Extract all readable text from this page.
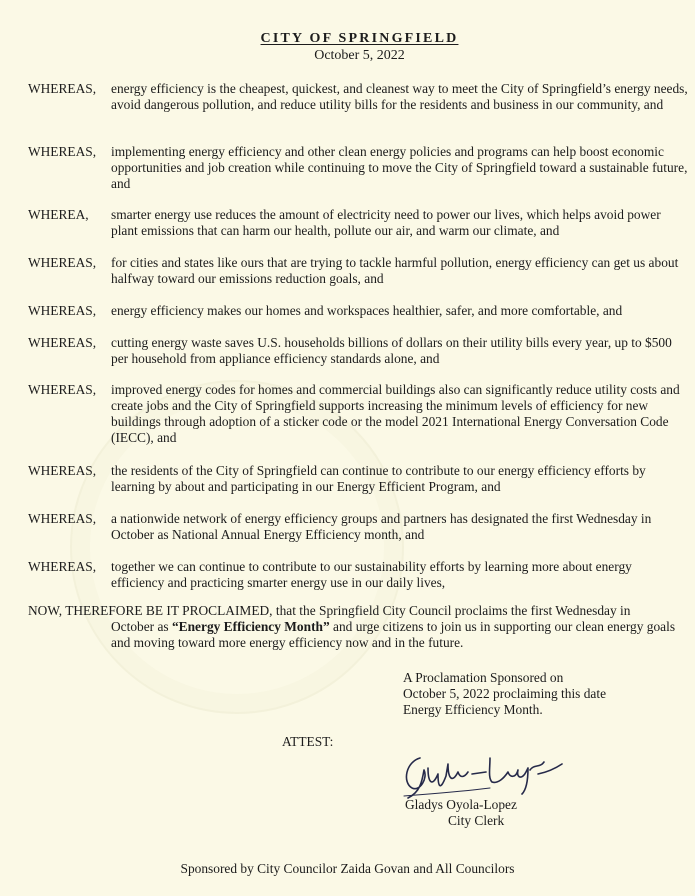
CITY OF SPRINGFIELD
October 5, 2022
WHEREAS,	energy efficiency is the cheapest, quickest, and cleanest way to meet the City of Springfield’s energy needs, avoid dangerous pollution, and reduce utility bills for the residents and business in our community, and
WHEREAS,	implementing energy efficiency and other clean energy policies and programs can help boost economic opportunities and job creation while continuing to move the City of Springfield toward a sustainable future, and
WHEREA,	smarter energy use reduces the amount of electricity need to power our lives, which helps avoid power plant emissions that can harm our health, pollute our air, and warm our climate, and
WHEREAS,	for cities and states like ours that are trying to tackle harmful pollution, energy efficiency can get us about halfway toward our emissions reduction goals, and
WHEREAS,	energy efficiency makes our homes and workspaces healthier, safer, and more comfortable, and
WHEREAS,	cutting energy waste saves U.S. households billions of dollars on their utility bills every year, up to $500 per household from appliance efficiency standards alone, and
WHEREAS,	improved energy codes for homes and commercial buildings also can significantly reduce utility costs and create jobs and the City of Springfield supports increasing the minimum levels of efficiency for new buildings through adoption of a sticker code or the model 2021 International Energy Conversation Code (IECC), and
WHEREAS,	the residents of the City of Springfield can continue to contribute to our energy efficiency efforts by learning by about and participating in our Energy Efficient Program, and
WHEREAS,	a nationwide network of energy efficiency groups and partners has designated the first Wednesday in October as National Annual Energy Efficiency month, and
WHEREAS,	together we can continue to contribute to our sustainability efforts by learning more about energy efficiency and practicing smarter energy use in our daily lives,
NOW, THEREFORE BE IT PROCLAIMED, that the Springfield City Council proclaims the first Wednesday in
October as “Energy Efficiency Month” and urge citizens to join us in supporting our clean energy goals and moving toward more energy efficiency now and in the future.
A Proclamation Sponsored on
October 5, 2022 proclaiming this date
Energy Efficiency Month.
ATTEST:
Gladys Oyola-Lopez
City Clerk
Sponsored by City Councilor Zaida Govan and All Councilors
